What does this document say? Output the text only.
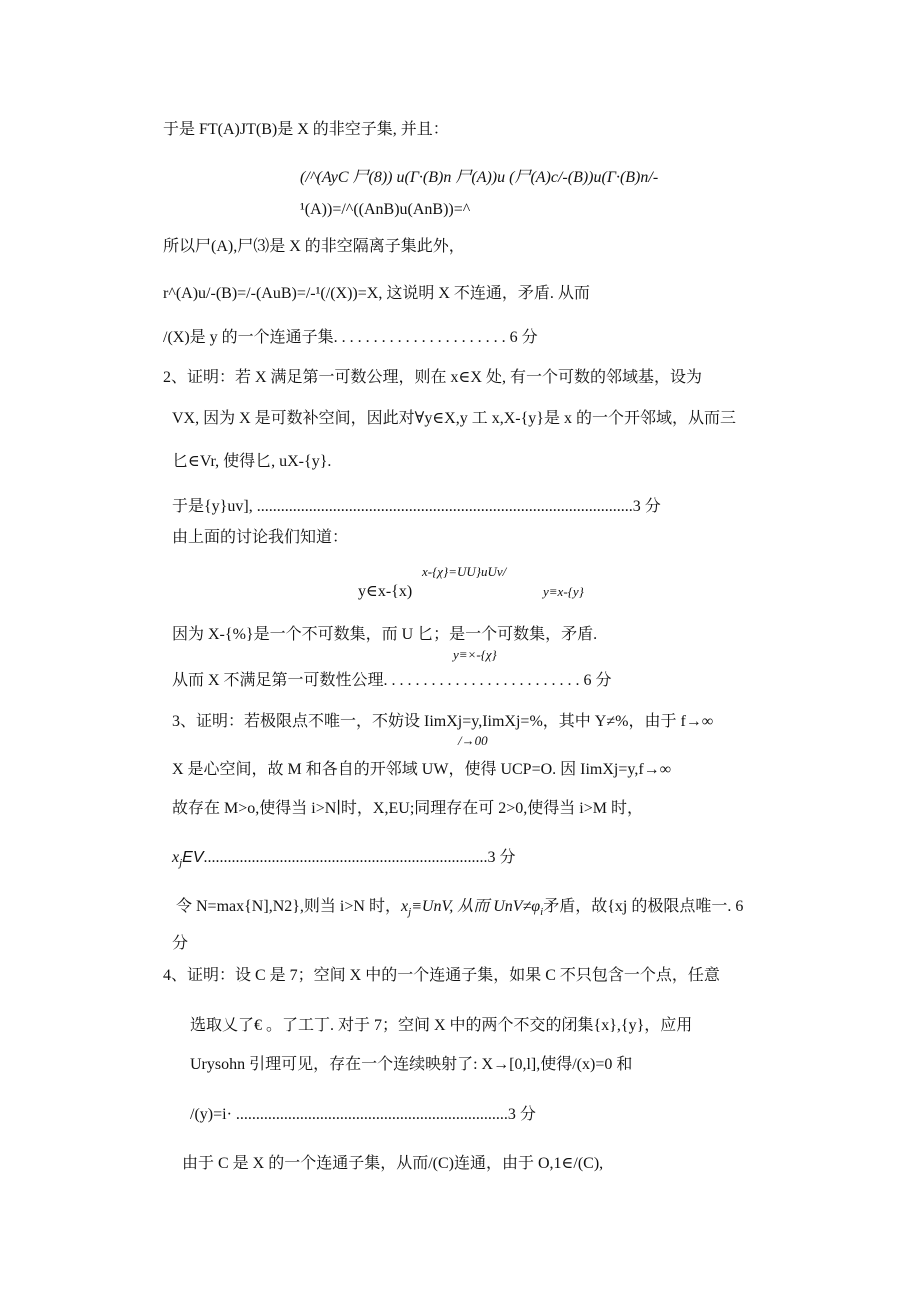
于是 FT(A)JT(B)是 X 的非空子集, 并且：
(/^(AyC 尸(8)) u(Γ·(B)n 尸(A))u (尸(A)c/-(B))u(Γ·(B)n/-
¹(A))=/^((AnB)u(AnB))=^
所以尸(A),尸⑶是 X 的非空隔离子集此外，
r^(A)u/-(B)=/-(AuB)=/-¹(/(X))=X, 这说明 X 不连通，矛盾. 从而
/(X)是 y 的一个连通子集. . . . . . . . . . . . . . . . . . . . . . 6 分
2、证明：若 X 满足第一可数公理，则在 x∈X 处, 有一个可数的邻域基，设为
VX, 因为 X 是可数补空间，因此对∀y∈X,y 工 x,X-{y}是 x 的一个开邻域，从而三
匕∈Vr, 使得匕, uX-{y}.
于是{y}uv], ..............................................................................................3 分
由上面的讨论我们知道：
x-{χ}=UU}uUv/
y∈x-{x)	y≡x-{y}
因为 X-{%}是一个不可数集，而 U 匕；是一个可数集，矛盾.
y≡×-{χ}
从而 X 不满足第一可数性公理. . . . . . . . . . . . . . . . . . . . . . . . . 6 分
3、证明：若极限点不唯一，不妨设 IimXj=y,IimXj=%，其中 Y≠%，由于 f→∞
/→00
X 是心空间，故 M 和各自的开邻域 UW，使得 UCP=O. 因 IimXj=y,f→∞
故存在 M>o,使得当 i>N∣时，X,EU;同理存在可 2>0,使得当 i>M 时，
$x_jEV.......................................................................3$ 分
令 N=max{N],N2},则当 i>N 时，$x_j\equiv UnV$, 从而 $UnV\ne\varphi_i$矛盾，故{xj 的极限点唯一. 6
分
4、证明：设 C 是 7；空间 X 中的一个连通子集，如果 C 不只包含一个点，任意
选取乂了€ 。了工丁. 对于 7；空间 X 中的两个不交的闭集{x},{y}，应用
Urysohn 引理可见，存在一个连续映射了: X→[0,l],使得/(x)=0 和
/(y)=i· ....................................................................3 分
由于 C 是 X 的一个连通子集，从而/(C)连通，由于 O,1∈/(C),
